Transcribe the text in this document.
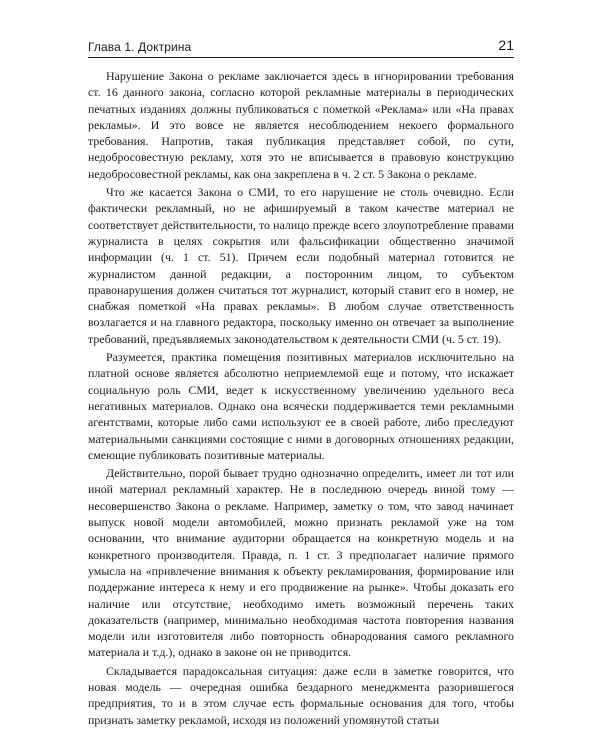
Глава 1. Доктрина	21

Нарушение Закона о рекламе заключается здесь в игнорировании требования ст. 16 данного закона, согласно которой рекламные материалы в периодических печатных изданиях должны публиковаться с пометкой «Реклама» или «На правах рекламы». И это вовсе не является несоблюдением некоего формального требования. Напротив, такая публикация представляет собой, по сути, недобросовестную рекламу, хотя это не вписывается в правовую конструкцию недобросовестной рекламы, как она закреплена в ч. 2 ст. 5 Закона о рекламе.

Что же касается Закона о СМИ, то его нарушение не столь очевидно. Если фактически рекламный, но не афишируемый в таком качестве материал не соответствует действительности, то налицо прежде всего злоупотребление правами журналиста в целях сокрытия или фальсификации общественно значимой информации (ч. 1 ст. 51). Причем если подобный материал готовится не журналистом данной редакции, а посторонним лицом, то субъектом правонарушения должен считаться тот журналист, который ставит его в номер, не снабжая пометкой «На правах рекламы». В любом случае ответственность возлагается и на главного редактора, поскольку именно он отвечает за выполнение требований, предъявляемых законодательством к деятельности СМИ (ч. 5 ст. 19).

Разумеется, практика помещения позитивных материалов исключительно на платной основе является абсолютно неприемлемой еще и потому, что искажает социальную роль СМИ, ведет к искусственному увеличению удельного веса негативных материалов. Однако она всячески поддерживается теми рекламными агентствами, которые либо сами используют ее в своей работе, либо преследуют материальными санкциями состоящие с ними в договорных отношениях редакции, смеющие публиковать позитивные материалы.

Действительно, порой бывает трудно однозначно определить, имеет ли тот или иной материал рекламный характер. Не в последнюю очередь виной тому — несовершенство Закона о рекламе. Например, заметку о том, что завод начинает выпуск новой модели автомобилей, можно признать рекламой уже на том основании, что внимание аудитории обращается на конкретную модель и на конкретного производителя. Правда, п. 1 ст. 3 предполагает наличие прямого умысла на «привлечение внимания к объекту рекламирования, формирование или поддержание интереса к нему и его продвижение на рынке». Чтобы доказать его наличие или отсутствие, необходимо иметь возможный перечень таких доказательств (например, минимально необходимая частота повторения названия модели или изготовителя либо повторность обнародования самого рекламного материала и т.д.), однако в законе он не приводится.

Складывается парадоксальная ситуация: даже если в заметке говорится, что новая модель — очередная ошибка бездарного менеджмента разорившегося предприятия, то и в этом случае есть формальные основания для того, чтобы признать заметку рекламой, исходя из положений упомянутой статьи
